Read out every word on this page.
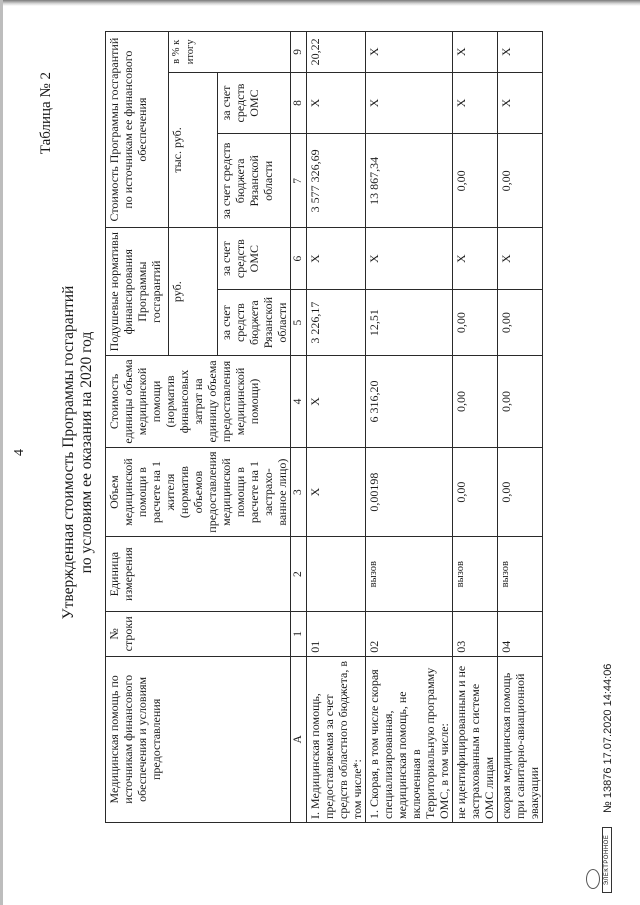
4
Таблица № 2
Утвержденная стоимость Программы госгарантий по условиям ее оказания на 2020 год
Медицинская помощь по источникам финансового обеспечения и условиям предоставления	№ строки	Единица измерения	Объем медицинской помощи в расчете на 1 жителя (норматив объемов предоставления медицинской помощи в расчете на 1 застрахо-ванное лицо)	Стоимость единицы объема медицинской помощи (норматив финансовых затрат на единицу объема предоставления медицинской помощи)	Подушевые нормативы финансирования Программы госгарантий		Стоимость Программы госгарантий по источникам ее финансового обеспечения		
					руб.		тыс. руб.		в % к итогу
					за счет средств бюджета Рязанской области	за счет средств ОМС	за счет средств бюджета Рязанской области	за счет средств ОМС	
А	1	2	3	4	5	6	7	8	9
I. Медицинская помощь, предоставляемая за счет средств областного бюджета, в том числе*:	01		Х	Х	3 226,17	Х	3 577 326,69	Х	20,22
1. Скорая, в том числе скорая специализированная, медицинская помощь, не включенная в Территориальную программу ОМС, в том числе:	02	вызов	0,00198	6 316,20	12,51	Х	13 867,34	Х	Х
не идентифицированным и не застрахованным в системе ОМС лицам	03	вызов	0,00	0,00	0,00	Х	0,00	Х	Х
скорая медицинская помощь при санитарно-авиационной эвакуации	04	вызов	0,00	0,00	0,00	Х	0,00	Х	Х
ЭЛЕКТРОННОЕ
№ 13876 17.07.2020 14:44:06
